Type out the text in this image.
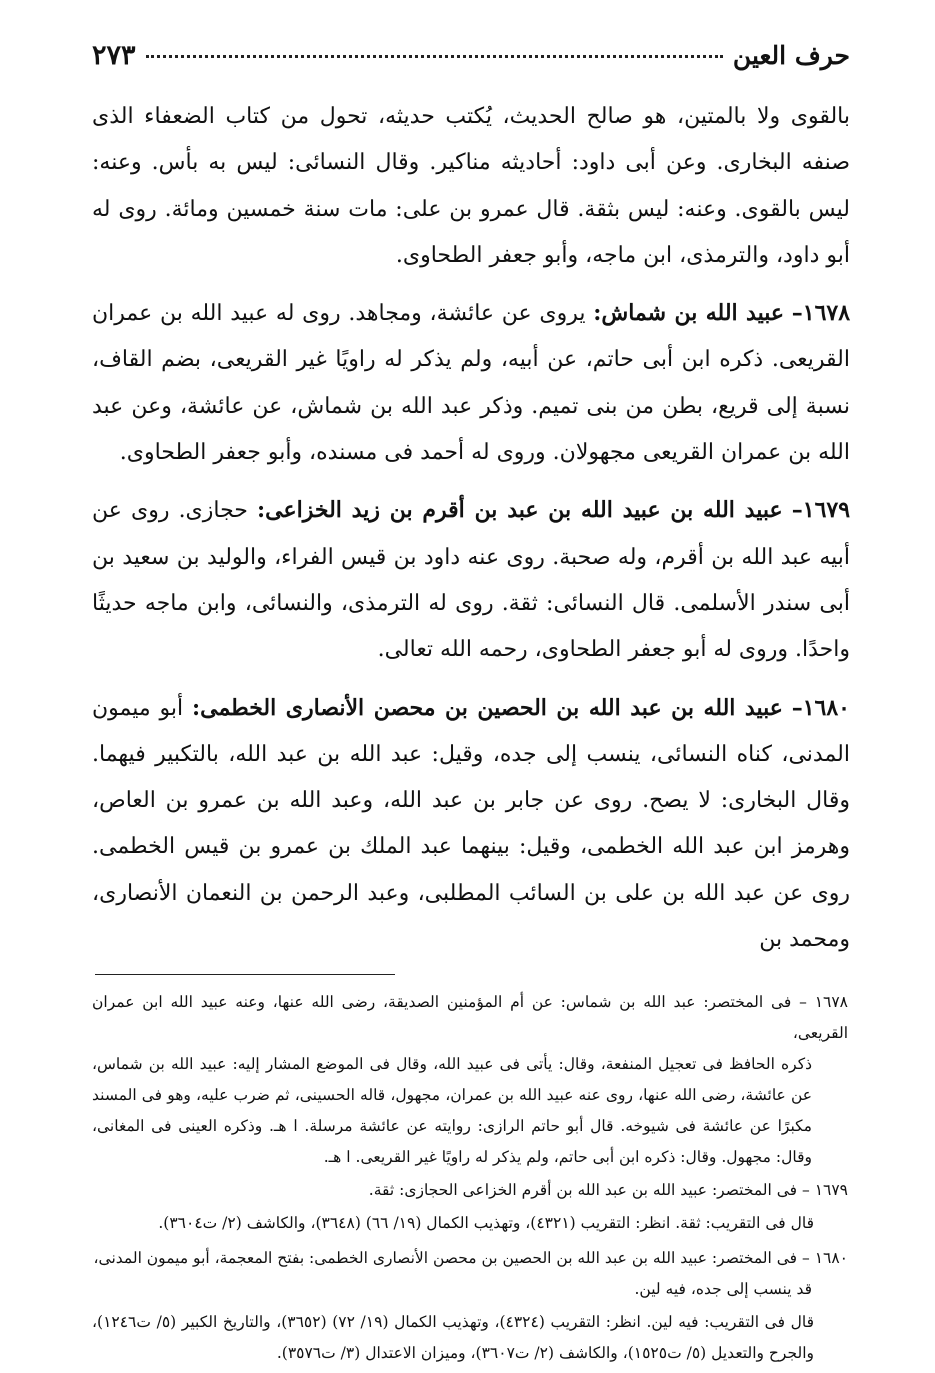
حرف العين
٢٧٣

بالقوى ولا بالمتين، هو صالح الحديث، يُكتب حديثه، تحول من كتاب الضعفاء الذى صنفه البخارى. وعن أبى داود: أحاديثه مناكير. وقال النسائى: ليس به بأس. وعنه: ليس بالقوى. وعنه: ليس بثقة. قال عمرو بن على: مات سنة خمسين ومائة. روى له أبو داود، والترمذى، ابن ماجه، وأبو جعفر الطحاوى.

١٦٧٨– عبيد الله بن شماش: يروى عن عائشة، ومجاهد. روى له عبيد الله بن عمران القريعى. ذكره ابن أبى حاتم، عن أبيه، ولم يذكر له راويًا غير القريعى، بضم القاف، نسبة إلى قريع، بطن من بنى تميم. وذكر عبد الله بن شماش، عن عائشة، وعن عبد الله بن عمران القريعى مجهولان. وروى له أحمد فى مسنده، وأبو جعفر الطحاوى.

١٦٧٩– عبيد الله بن عبيد الله بن عبد بن أقرم بن زيد الخزاعى: حجازى. روى عن أبيه عبد الله بن أقرم، وله صحبة. روى عنه داود بن قيس الفراء، والوليد بن سعيد بن أبى سندر الأسلمى. قال النسائى: ثقة. روى له الترمذى، والنسائى، وابن ماجه حديثًا واحدًا. وروى له أبو جعفر الطحاوى، رحمه الله تعالى.

١٦٨٠– عبيد الله بن عبد الله بن الحصين بن محصن الأنصارى الخطمى: أبو ميمون المدنى، كناه النسائى، ينسب إلى جده، وقيل: عبد الله بن عبد الله، بالتكبير فيهما. وقال البخارى: لا يصح. روى عن جابر بن عبد الله، وعبد الله بن عمرو بن العاص، وهرمز ابن عبد الله الخطمى، وقيل: بينهما عبد الملك بن عمرو بن قيس الخطمى. روى عن عبد الله بن على بن السائب المطلبى، وعبد الرحمن بن النعمان الأنصارى، ومحمد بن

١٦٧٨ – فى المختصر: عبد الله بن شماس: عن أم المؤمنين الصديقة، رضى الله عنها، وعنه عبيد الله ابن عمران القريعى،
ذكره الحافظ فى تعجيل المنفعة، وقال: يأتى فى عبيد الله، وقال فى الموضع المشار إليه: عبيد الله بن شماس، عن عائشة، رضى الله عنها، روى عنه عبيد الله بن عمران، مجهول، قاله الحسينى، ثم ضرب عليه، وهو فى المسند مكبرًا عن عائشة فى شيوخه. قال أبو حاتم الرازى: روايته عن عائشة مرسلة. ا هـ. وذكره العينى فى المغانى، وقال: مجهول. وقال: ذكره ابن أبى حاتم، ولم يذكر له راويًا غير القريعى. ا هـ.
١٦٧٩ – فى المختصر: عبيد الله بن عبد الله بن أقرم الخزاعى الحجازى: ثقة.
قال فى التقريب: ثقة. انظر: التقريب (٤٣٢١)، وتهذيب الكمال (١٩/ ٦٦) (٣٦٤٨)، والكاشف (٢/ ت٣٦٠٤).
١٦٨٠ – فى المختصر: عبيد الله بن عبد الله بن الحصين بن محصن الأنصارى الخطمى: بفتح المعجمة، أبو ميمون المدنى،
قد ينسب إلى جده، فيه لين.
قال فى التقريب: فيه لين. انظر: التقريب (٤٣٢٤)، وتهذيب الكمال (١٩/ ٧٢) (٣٦٥٢)، والتاريخ الكبير (٥/ ت١٢٤٦)، والجرح والتعديل (٥/ ت١٥٢٥)، والكاشف (٢/ ت٣٦٠٧)، وميزان الاعتدال (٣/ ت٣٥٧٦).
